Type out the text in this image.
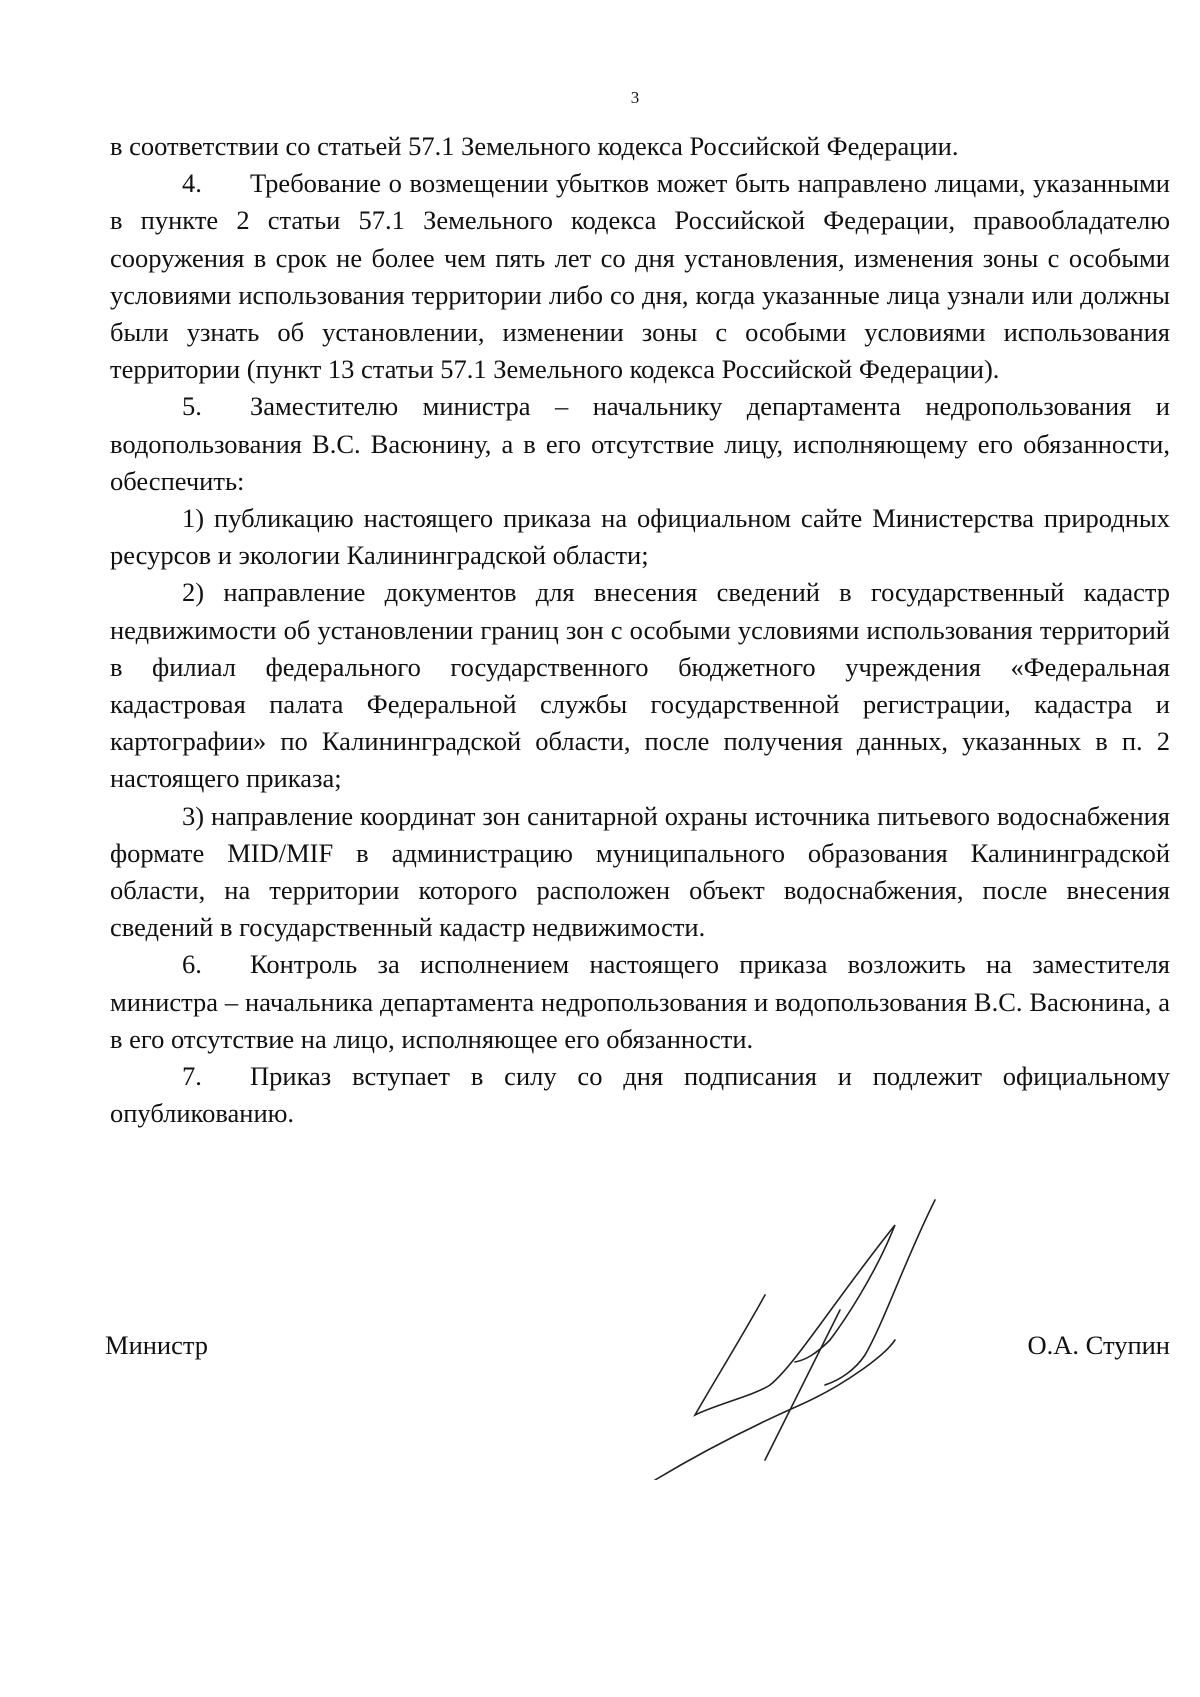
3

в соответствии со статьей 57.1 Земельного кодекса Российской Федерации.

4. Требование о возмещении убытков может быть направлено лицами, указанными в пункте 2 статьи 57.1 Земельного кодекса Российской Федерации, правообладателю сооружения в срок не более чем пять лет со дня установления, изменения зоны с особыми условиями использования территории либо со дня, когда указанные лица узнали или должны были узнать об установлении, изменении зоны с особыми условиями использования территории (пункт 13 статьи 57.1 Земельного кодекса Российской Федерации).

5. Заместителю министра – начальнику департамента недропользования и водопользования В.С. Васюнину, а в его отсутствие лицу, исполняющему его обязанности, обеспечить:

1) публикацию настоящего приказа на официальном сайте Министерства природных ресурсов и экологии Калининградской области;

2) направление документов для внесения сведений в государственный кадастр недвижимости об установлении границ зон с особыми условиями использования территорий в филиал федерального государственного бюджетного учреждения «Федеральная кадастровая палата Федеральной службы государственной регистрации, кадастра и картографии» по Калининградской области, после получения данных, указанных в п. 2 настоящего приказа;

3) направление координат зон санитарной охраны источника питьевого водоснабжения формате MID/MIF в администрацию муниципального образования Калининградской области, на территории которого расположен объект водоснабжения, после внесения сведений в государственный кадастр недвижимости.

6. Контроль за исполнением настоящего приказа возложить на заместителя министра – начальника департамента недропользования и водопользования В.С. Васюнина, а в его отсутствие на лицо, исполняющее его обязанности.

7. Приказ вступает в силу со дня подписания и подлежит официальному опубликованию.

Министр	О.А. Ступин
